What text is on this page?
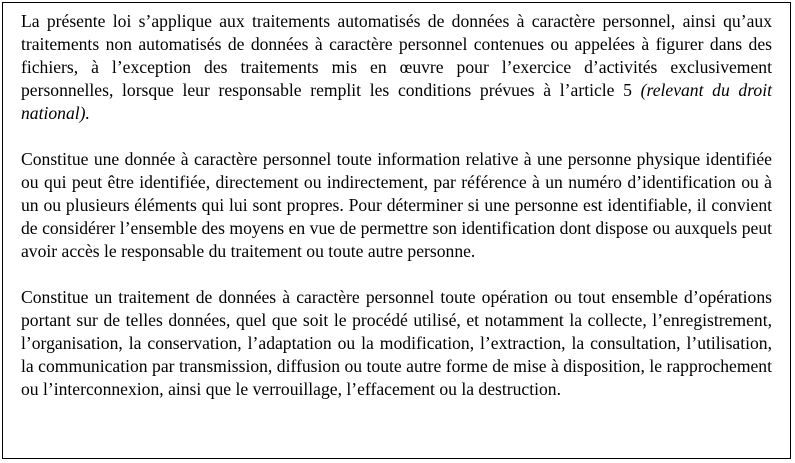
La présente loi s’applique aux traitements automatisés de données à caractère personnel, ainsi qu’aux traitements non automatisés de données à caractère personnel contenues ou appelées à figurer dans des fichiers, à l’exception des traitements mis en œuvre pour l’exercice d’activités exclusivement personnelles, lorsque leur responsable remplit les conditions prévues à l’article 5 (relevant du droit national).

Constitue une donnée à caractère personnel toute information relative à une personne physique identifiée ou qui peut être identifiée, directement ou indirectement, par référence à un numéro d’identification ou à un ou plusieurs éléments qui lui sont propres. Pour déterminer si une personne est identifiable, il convient de considérer l’ensemble des moyens en vue de permettre son identification dont dispose ou auxquels peut avoir accès le responsable du traitement ou toute autre personne.

Constitue un traitement de données à caractère personnel toute opération ou tout ensemble d’opérations portant sur de telles données, quel que soit le procédé utilisé, et notamment la collecte, l’enregistrement, l’organisation, la conservation, l’adaptation ou la modification, l’extraction, la consultation, l’utilisation, la communication par transmission, diffusion ou toute autre forme de mise à disposition, le rapprochement ou l’interconnexion, ainsi que le verrouillage, l’effacement ou la destruction.
